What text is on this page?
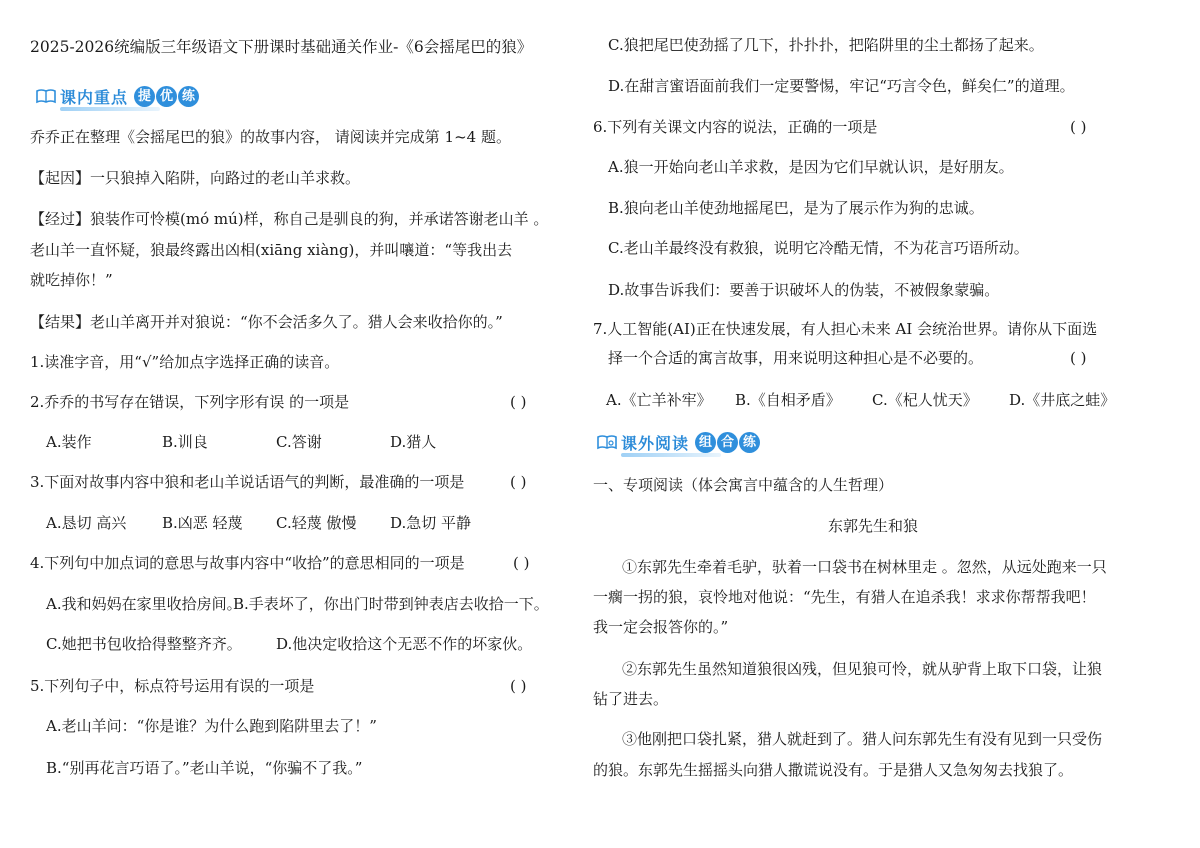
2025-2026统编版三年级语文下册课时基础通关作业-《6会摇尾巴的狼》
课内重点 提 优 练
乔乔正在整理《会摇尾巴的狼》的故事内容， 请阅读并完成第 1~4 题。
【起因】一只狼掉入陷阱，向路过的老山羊求救。
【经过】狼装作可怜模(mó mú)样，称自己是驯良的狗，并承诺答谢老山羊 。
老山羊一直怀疑，狼最终露出凶相(xiāng xiàng)，并叫嚷道：“等我出去
就吃掉你！”
【结果】老山羊离开并对狼说：“你不会活多久了。猎人会来收拾你的。”
1.读准字音，用“√”给加点字选择正确的读音。
2.乔乔的书写存在错误，下列字形有误 的一项是	( )
A.装作	B.训良	C.答谢	D.猎人
3.下面对故事内容中狼和老山羊说话语气的判断，最准确的一项是	( )
A.恳切 高兴 B.凶恶 轻蔑 C.轻蔑 傲慢 D.急切 平静
4.下列句中加点词的意思与故事内容中“收拾”的意思相同的一项是	( )
A.我和妈妈在家里收拾房间。
B.手表坏了，你出门时带到钟表店去收拾一下。
C.她把书包收拾得整整齐齐。 D.他决定收拾这个无恶不作的坏家伙。
5.下列句子中，标点符号运用有误的一项是	( )
A.老山羊问：“你是谁？为什么跑到陷阱里去了！”
B.“别再花言巧语了。”老山羊说，“你骗不了我。”
C.狼把尾巴使劲摇了几下，扑扑扑，把陷阱里的尘土都扬了起来。
D.在甜言蜜语面前我们一定要警惕，牢记“巧言令色，鲜矣仁”的道理。
6.下列有关课文内容的说法，正确的一项是	( )
A.狼一开始向老山羊求救，是因为它们早就认识，是好朋友。
B.狼向老山羊使劲地摇尾巴，是为了展示作为狗的忠诚。
C.老山羊最终没有救狼，说明它冷酷无情，不为花言巧语所动。
D.故事告诉我们：要善于识破坏人的伪装，不被假象蒙骗。
7.人工智能(AI)正在快速发展，有人担心未来 AI 会统治世界。请你从下面选
择一个合适的寓言故事，用来说明这种担心是不必要的。	( )
A.《亡羊补牢》 B.《自相矛盾》 C.《杞人忧天》 D.《井底之蛙》
课外阅读 组 合 练
一、专项阅读（体会寓言中蕴含的人生哲理）
东郭先生和狼
①东郭先生牵着毛驴，驮着一口袋书在树林里走 。忽然，从远处跑来一只
一瘸一拐的狼，哀怜地对他说：“先生，有猎人在追杀我！求求你帮帮我吧！
我一定会报答你的。”
②东郭先生虽然知道狼很凶残，但见狼可怜，就从驴背上取下口袋，让狼
钻了进去。
③他刚把口袋扎紧，猎人就赶到了。猎人问东郭先生有没有见到一只受伤
的狼。东郭先生摇摇头向猎人撒谎说没有。于是猎人又急匆匆去找狼了。
